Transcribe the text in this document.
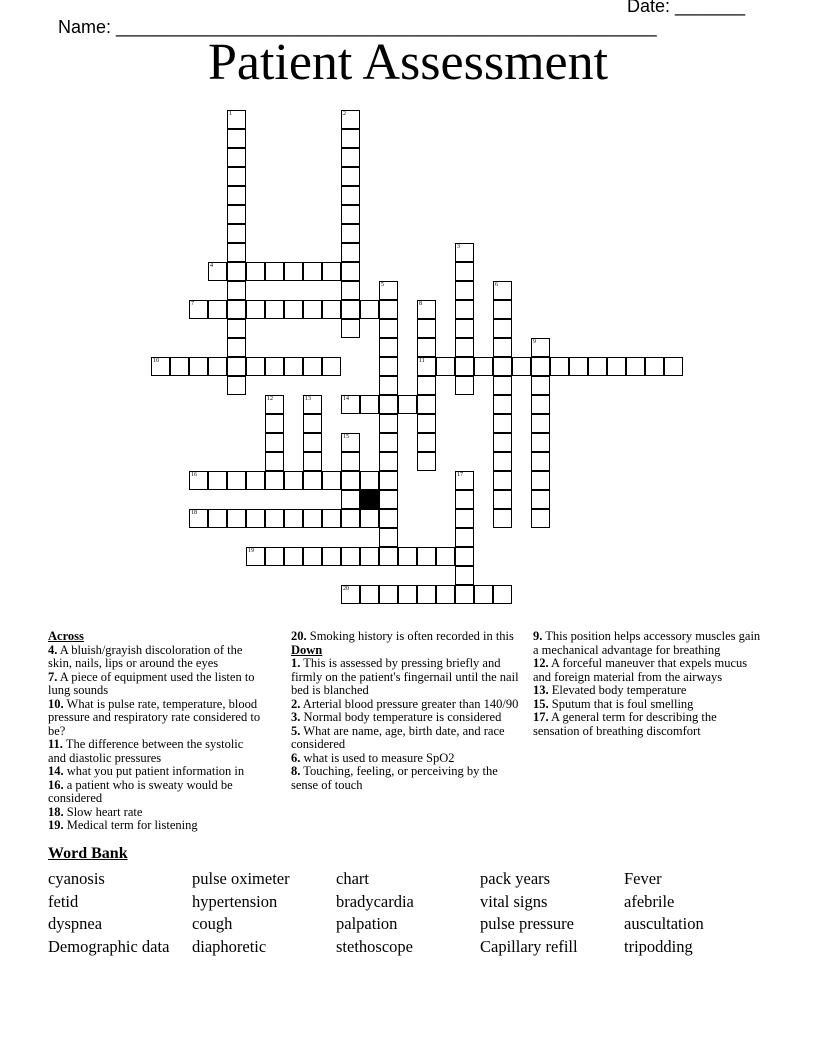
Name: ______________________________________________________

Date: _______

Patient Assessment
1	2
3
4
5	6
7	8
11
9
10
12	13	14
15
16	17
18
19
20
Across
4. A bluish/grayish discoloration of the skin, nails, lips or around the eyes
7. A piece of equipment used the listen to lung sounds
10. What is pulse rate, temperature, blood pressure and respiratory rate considered to be?
11. The difference between the systolic and diastolic pressures
14. what you put patient information in
16. a patient who is sweaty would be considered
18. Slow heart rate
19. Medical term for listening
20. Smoking history is often recorded in this
Down
1. This is assessed by pressing briefly and firmly on the patient's fingernail until the nail bed is blanched
2. Arterial blood pressure greater than 140/90
3. Normal body temperature is considered
5. What are name, age, birth date, and race considered
6. what is used to measure SpO2
8. Touching, feeling, or perceiving by the sense of touch
9. This position helps accessory muscles gain a mechanical advantage for breathing
12. A forceful maneuver that expels mucus and foreign material from the airways
13. Elevated body temperature
15. Sputum that is foul smelling
17. A general term for describing the sensation of breathing discomfort
Word Bank
cyanosis	pulse oximeter	chart	pack years	Fever
fetid	hypertension	bradycardia	vital signs	afebrile
dyspnea	cough	palpation	pulse pressure	auscultation
Demographic data	diaphoretic	stethoscope	Capillary refill	tripodding
